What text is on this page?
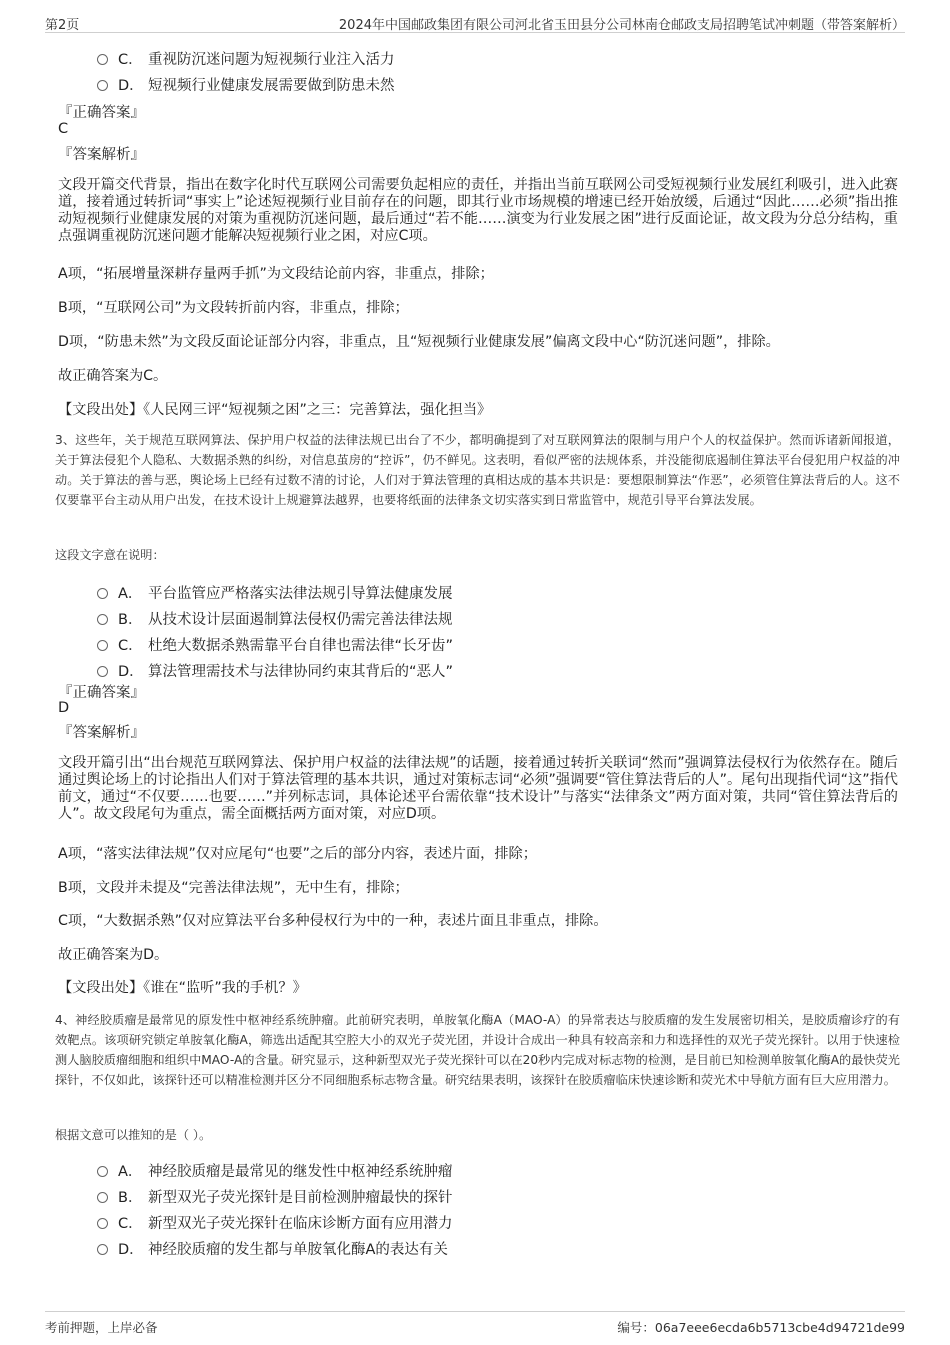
第2页	2024年中国邮政集团有限公司河北省玉田县分公司林南仓邮政支局招聘笔试冲刺题（带答案解析）
C． 重视防沉迷问题为短视频行业注入活力
D． 短视频行业健康发展需要做到防患未然
『正确答案』
C
『答案解析』
文段开篇交代背景，指出在数字化时代互联网公司需要负起相应的责任，并指出当前互联网公司受短视频行业发展红利吸引，进入此赛道，接着通过转折词“事实上”论述短视频行业目前存在的问题，即其行业市场规模的增速已经开始放缓，后通过“因此……必须”指出推动短视频行业健康发展的对策为重视防沉迷问题，最后通过“若不能……演变为行业发展之困”进行反面论证，故文段为分总分结构，重点强调重视防沉迷问题才能解决短视频行业之困，对应C项。
A项，“拓展增量深耕存量两手抓”为文段结论前内容，非重点，排除；
B项，“互联网公司”为文段转折前内容，非重点，排除；
D项，“防患未然”为文段反面论证部分内容，非重点，且“短视频行业健康发展”偏离文段中心“防沉迷问题”，排除。
故正确答案为C。
【文段出处】《人民网三评“短视频之困”之三：完善算法，强化担当》
3、这些年，关于规范互联网算法、保护用户权益的法律法规已出台了不少，都明确提到了对互联网算法的限制与用户个人的权益保护。然而诉诸新闻报道，关于算法侵犯个人隐私、大数据杀熟的纠纷，对信息茧房的“控诉”，仍不鲜见。这表明，看似严密的法规体系，并没能彻底遏制住算法平台侵犯用户权益的冲动。关于算法的善与恶，舆论场上已经有过数不清的讨论，人们对于算法管理的真相达成的基本共识是：要想限制算法“作恶”，必须管住算法背后的人。这不仅要靠平台主动从用户出发，在技术设计上规避算法越界，也要将纸面的法律条文切实落实到日常监管中，规范引导平台算法发展。
这段文字意在说明：
A． 平台监管应严格落实法律法规引导算法健康发展
B． 从技术设计层面遏制算法侵权仍需完善法律法规
C． 杜绝大数据杀熟需靠平台自律也需法律“长牙齿”
D． 算法管理需技术与法律协同约束其背后的“恶人”
『正确答案』
D
『答案解析』
文段开篇引出“出台规范互联网算法、保护用户权益的法律法规”的话题，接着通过转折关联词“然而”强调算法侵权行为依然存在。随后通过舆论场上的讨论指出人们对于算法管理的基本共识，通过对策标志词“必须”强调要“管住算法背后的人”。尾句出现指代词“这”指代前文，通过“不仅要……也要……”并列标志词，具体论述平台需依靠“技术设计”与落实“法律条文”两方面对策，共同“管住算法背后的人”。故文段尾句为重点，需全面概括两方面对策，对应D项。
A项，“落实法律法规”仅对应尾句“也要”之后的部分内容，表述片面，排除；
B项，文段并未提及“完善法律法规”，无中生有，排除；
C项，“大数据杀熟”仅对应算法平台多种侵权行为中的一种，表述片面且非重点，排除。
故正确答案为D。
【文段出处】《谁在“监听”我的手机？》
4、神经胶质瘤是最常见的原发性中枢神经系统肿瘤。此前研究表明，单胺氧化酶A（MAO-A）的异常表达与胶质瘤的发生发展密切相关，是胶质瘤诊疗的有效靶点。该项研究锁定单胺氧化酶A，筛选出适配其空腔大小的双光子荧光团，并设计合成出一种具有较高亲和力和选择性的双光子荧光探针。以用于快速检测人脑胶质瘤细胞和组织中MAO-A的含量。研究显示，这种新型双光子荧光探针可以在20秒内完成对标志物的检测，是目前已知检测单胺氧化酶A的最快荧光探针，不仅如此，该探针还可以精准检测并区分不同细胞系标志物含量。研究结果表明，该探针在胶质瘤临床快速诊断和荧光术中导航方面有巨大应用潜力。
根据文意可以推知的是（ ）。
A． 神经胶质瘤是最常见的继发性中枢神经系统肿瘤
B． 新型双光子荧光探针是目前检测肿瘤最快的探针
C． 新型双光子荧光探针在临床诊断方面有应用潜力
D． 神经胶质瘤的发生都与单胺氧化酶A的表达有关
考前押题，上岸必备	编号：06a7eee6ecda6b5713cbe4d94721de99
